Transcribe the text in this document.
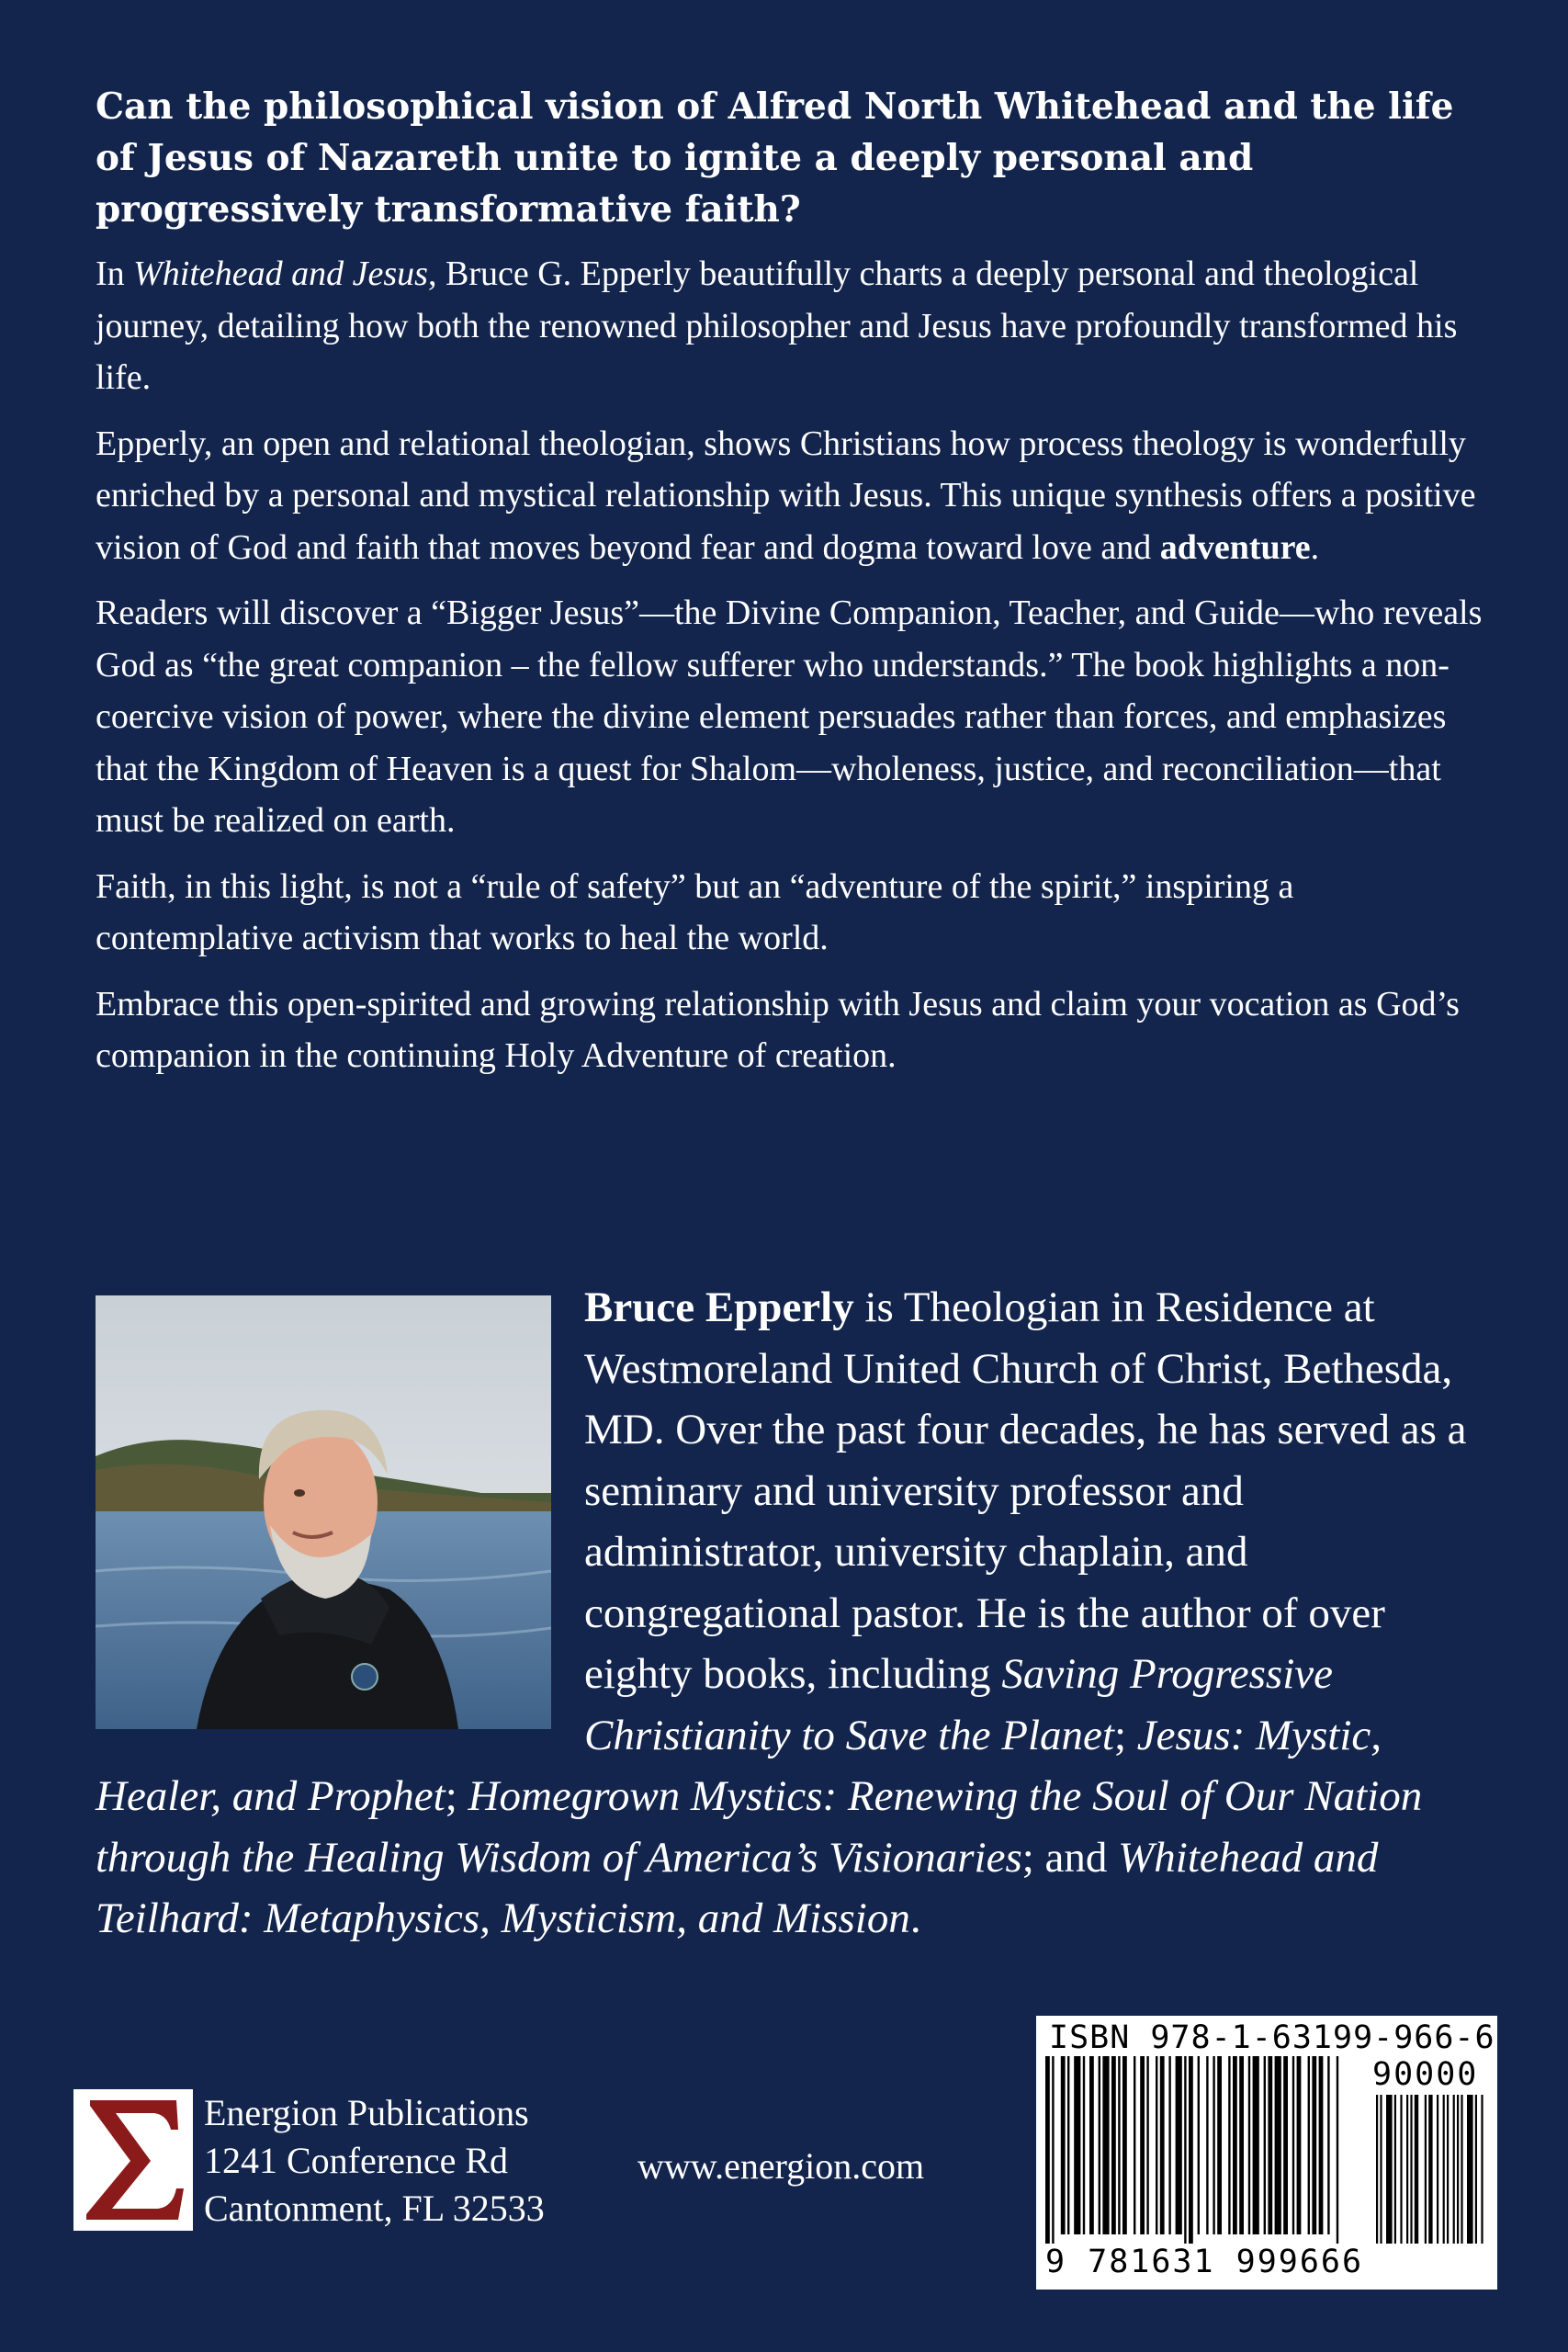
Can the philosophical vision of Alfred North Whitehead and the life of Jesus of Nazareth unite to ignite a deeply personal and progressively transformative faith?

In Whitehead and Jesus, Bruce G. Epperly beautifully charts a deeply personal and theological journey, detailing how both the renowned philosopher and Jesus have profoundly transformed his life.

Epperly, an open and relational theologian, shows Christians how process theology is wonderfully enriched by a personal and mystical relationship with Jesus. This unique synthesis offers a positive vision of God and faith that moves beyond fear and dogma toward love and adventure.

Readers will discover a “Bigger Jesus”—the Divine Companion, Teacher, and Guide—who reveals God as “the great companion – the fellow sufferer who understands.” The book highlights a non-coercive vision of power, where the divine element persuades rather than forces, and emphasizes that the Kingdom of Heaven is a quest for Shalom—wholeness, justice, and reconciliation—that must be realized on earth.

Faith, in this light, is not a “rule of safety” but an “adventure of the spirit,” inspiring a contemplative activism that works to heal the world.

Embrace this open-spirited and growing relationship with Jesus and claim your vocation as God’s companion in the continuing Holy Adventure of creation.

Bruce Epperly is Theologian in Residence at Westmoreland United Church of Christ, Bethesda, MD. Over the past four decades, he has served as a seminary and university professor and administrator, university chaplain, and congregational pastor. He is the author of over eighty books, including Saving Progressive Christianity to Save the Planet; Jesus: Mystic, Healer, and Prophet; Homegrown Mystics: Renewing the Soul of Our Nation through the Healing Wisdom of America’s Visionaries; and Whitehead and Teilhard: Metaphysics, Mysticism, and Mission.

Energion Publications
1241 Conference Rd
Cantonment, FL 32533
www.energion.com
ISBN 978-1-63199-966-6
90000
9 781631 999666
